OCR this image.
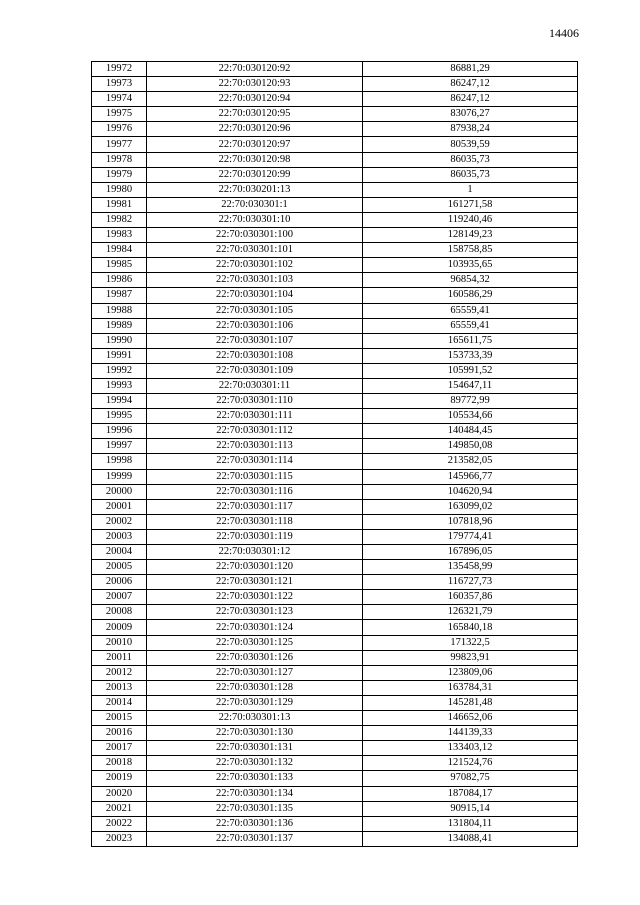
14406
19972	22:70:030120:92	86881,29
19973	22:70:030120:93	86247,12
19974	22:70:030120:94	86247,12
19975	22:70:030120:95	83076,27
19976	22:70:030120:96	87938,24
19977	22:70:030120:97	80539,59
19978	22:70:030120:98	86035,73
19979	22:70:030120:99	86035,73
19980	22:70:030201:13	1
19981	22:70:030301:1	161271,58
19982	22:70:030301:10	119240,46
19983	22:70:030301:100	128149,23
19984	22:70:030301:101	158758,85
19985	22:70:030301:102	103935,65
19986	22:70:030301:103	96854,32
19987	22:70:030301:104	160586,29
19988	22:70:030301:105	65559,41
19989	22:70:030301:106	65559,41
19990	22:70:030301:107	165611,75
19991	22:70:030301:108	153733,39
19992	22:70:030301:109	105991,52
19993	22:70:030301:11	154647,11
19994	22:70:030301:110	89772,99
19995	22:70:030301:111	105534,66
19996	22:70:030301:112	140484,45
19997	22:70:030301:113	149850,08
19998	22:70:030301:114	213582,05
19999	22:70:030301:115	145966,77
20000	22:70:030301:116	104620,94
20001	22:70:030301:117	163099,02
20002	22:70:030301:118	107818,96
20003	22:70:030301:119	179774,41
20004	22:70:030301:12	167896,05
20005	22:70:030301:120	135458,99
20006	22:70:030301:121	116727,73
20007	22:70:030301:122	160357,86
20008	22:70:030301:123	126321,79
20009	22:70:030301:124	165840,18
20010	22:70:030301:125	171322,5
20011	22:70:030301:126	99823,91
20012	22:70:030301:127	123809,06
20013	22:70:030301:128	163784,31
20014	22:70:030301:129	145281,48
20015	22:70:030301:13	146652,06
20016	22:70:030301:130	144139,33
20017	22:70:030301:131	133403,12
20018	22:70:030301:132	121524,76
20019	22:70:030301:133	97082,75
20020	22:70:030301:134	187084,17
20021	22:70:030301:135	90915,14
20022	22:70:030301:136	131804,11
20023	22:70:030301:137	134088,41
